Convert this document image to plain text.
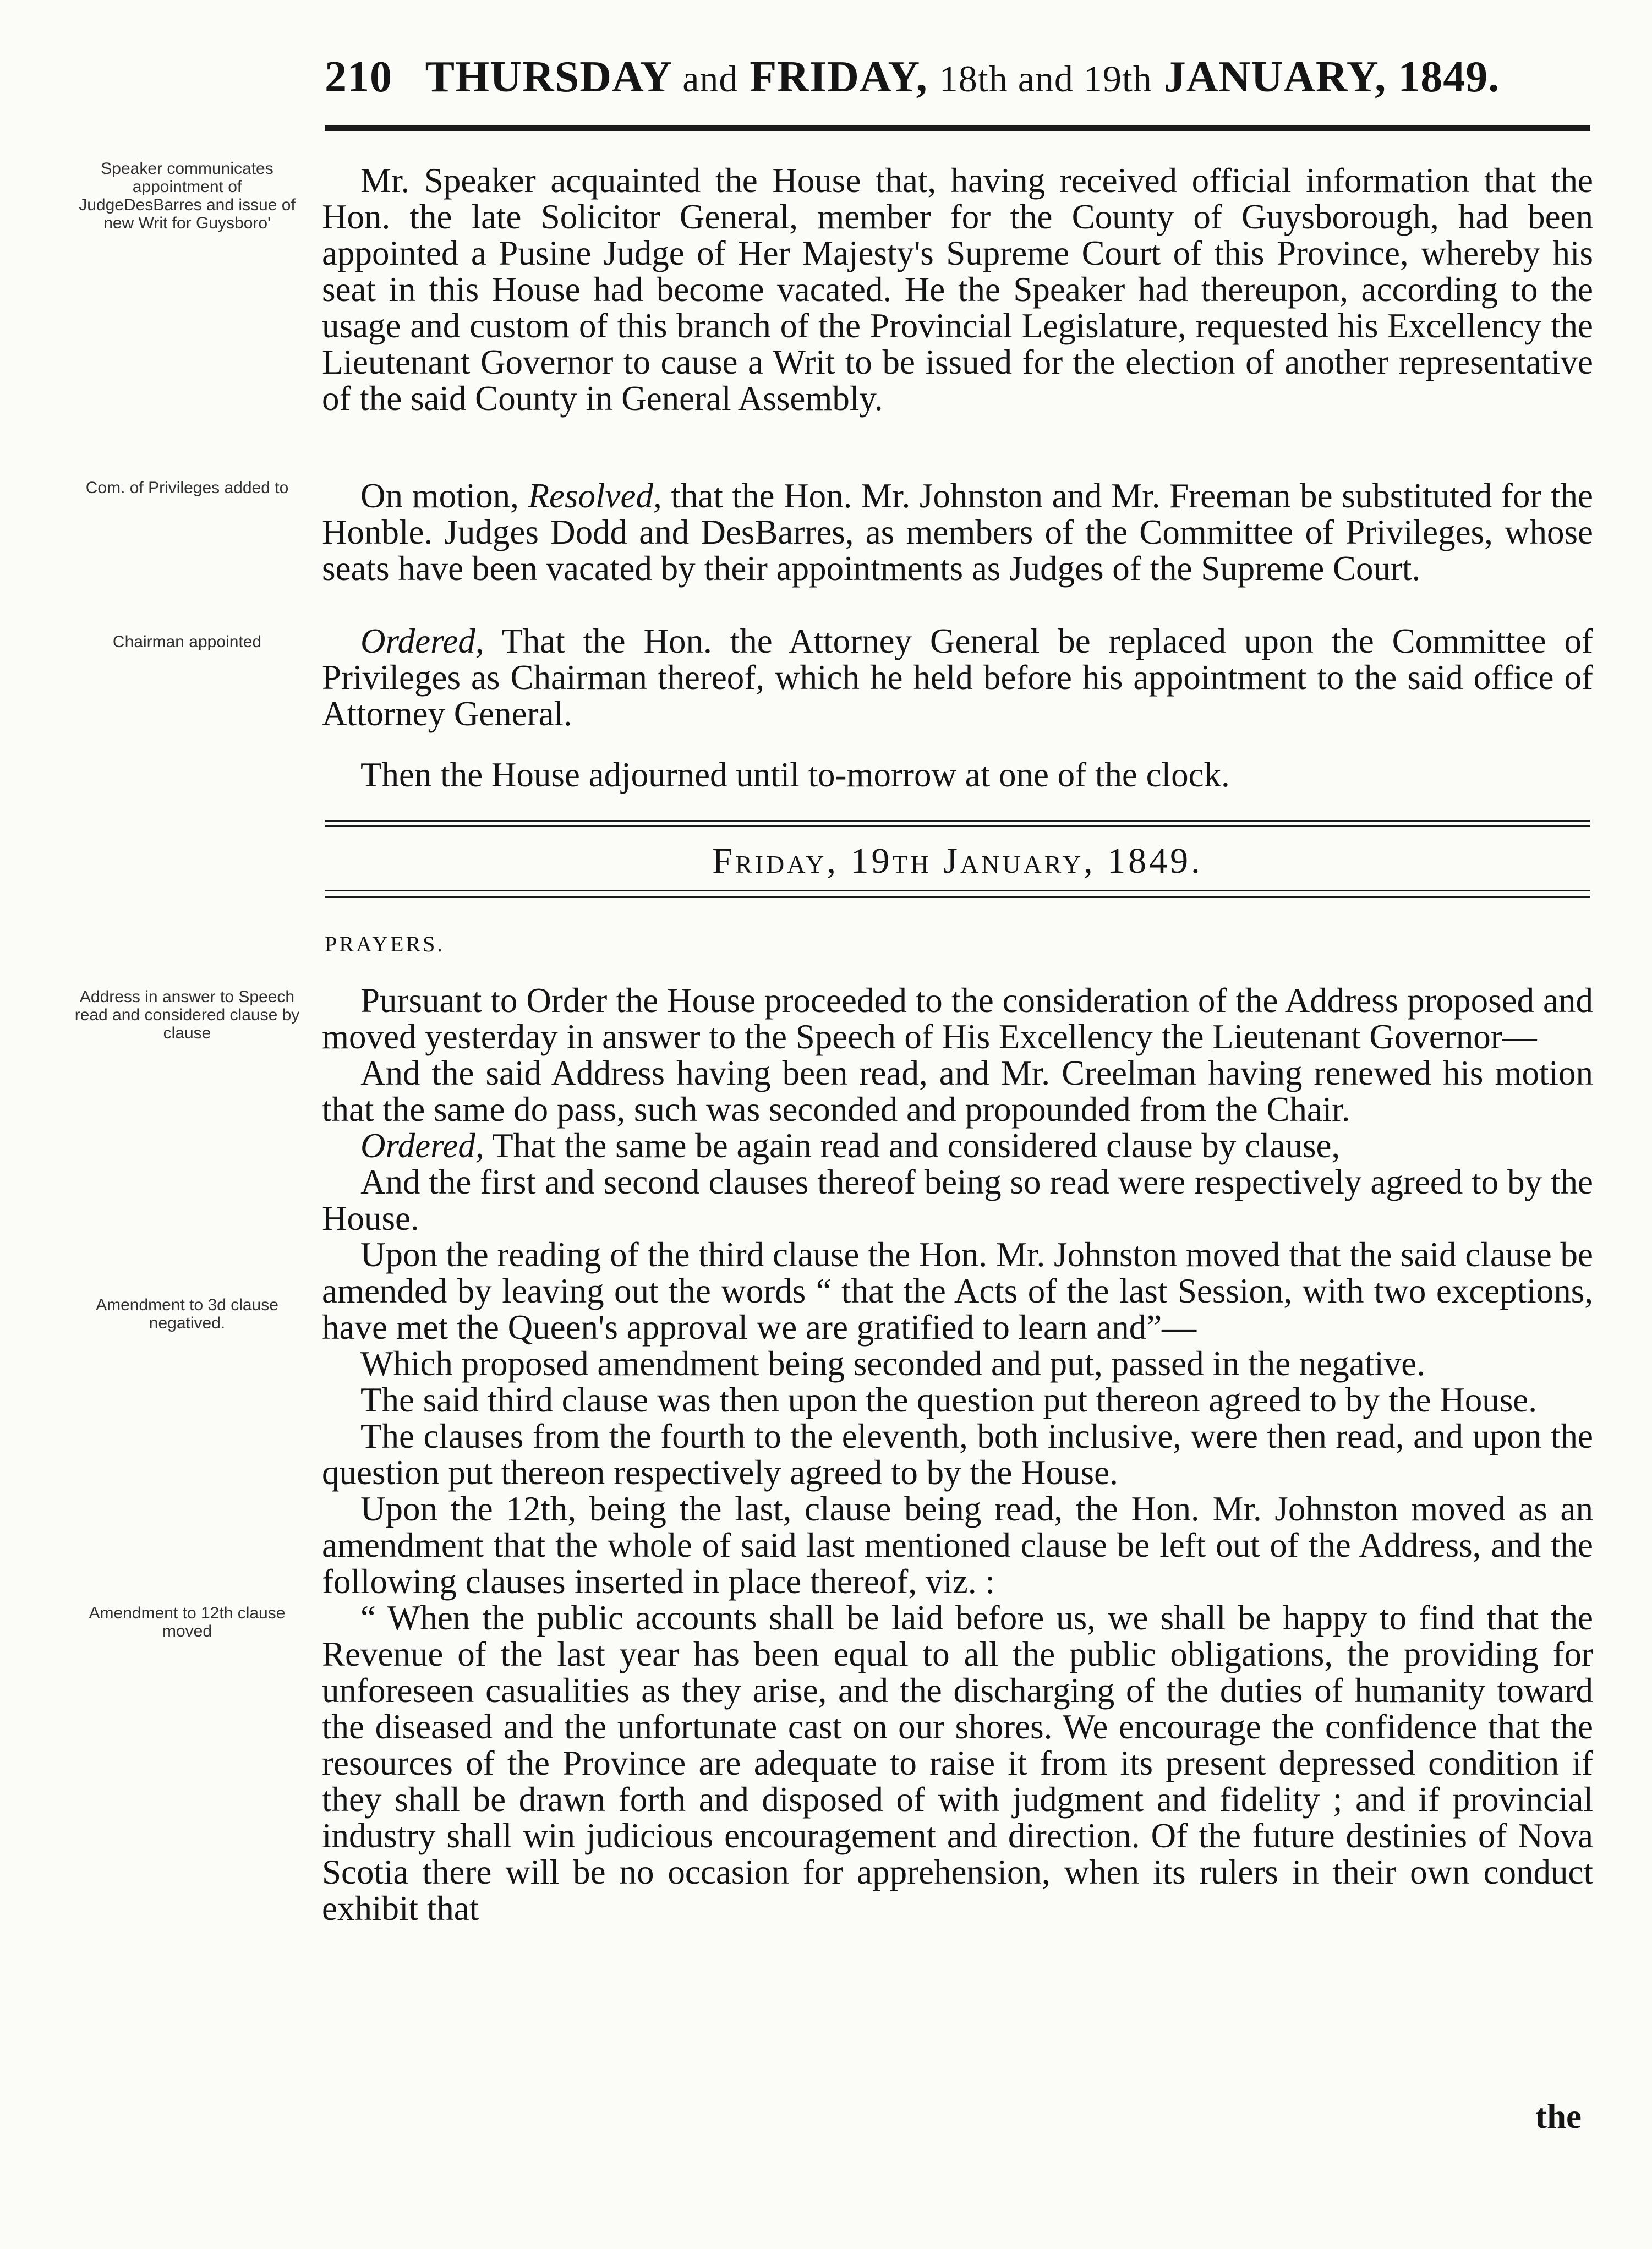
210 THURSDAY and FRIDAY, 18th and 19th JANUARY, 1849.
Speaker communicates appointment of JudgeDesBarres and issue of new Writ for Guysboro'
Com. of Privileges added to
Chairman appointed

Mr. Speaker acquainted the House that, having received official information that the Hon. the late Solicitor General, member for the County of Guysborough, had been appointed a Pusine Judge of Her Majesty's Supreme Court of this Province, whereby his seat in this House had become vacated. He the Speaker had thereupon, according to the usage and custom of this branch of the Provincial Legislature, requested his Excellency the Lieutenant Governor to cause a Writ to be issued for the election of another representative of the said County in General Assembly.

On motion, Resolved, that the Hon. Mr. Johnston and Mr. Freeman be substituted for the Honble. Judges Dodd and DesBarres, as members of the Committee of Privileges, whose seats have been vacated by their appointments as Judges of the Supreme Court.

Ordered, That the Hon. the Attorney General be replaced upon the Committee of Privileges as Chairman thereof, which he held before his appointment to the said office of Attorney General.

Then the House adjourned until to-morrow at one of the clock.

Friday, 19th January, 1849.
PRAYERS.
Address in answer to Speech read and considered clause by clause
Amendment to 3d clause negatived.
Amendment to 12th clause moved

Pursuant to Order the House proceeded to the consideration of the Address proposed and moved yesterday in answer to the Speech of His Excellency the Lieutenant Governor—

And the said Address having been read, and Mr. Creelman having renewed his motion that the same do pass, such was seconded and propounded from the Chair.

Ordered, That the same be again read and considered clause by clause,

And the first and second clauses thereof being so read were respectively agreed to by the House.

Upon the reading of the third clause the Hon. Mr. Johnston moved that the said clause be amended by leaving out the words “ that the Acts of the last Session, with two exceptions, have met the Queen's approval we are gratified to learn and”—

Which proposed amendment being seconded and put, passed in the negative.

The said third clause was then upon the question put thereon agreed to by the House.

The clauses from the fourth to the eleventh, both inclusive, were then read, and upon the question put thereon respectively agreed to by the House.

Upon the 12th, being the last, clause being read, the Hon. Mr. Johnston moved as an amendment that the whole of said last mentioned clause be left out of the Address, and the following clauses inserted in place thereof, viz. :

“ When the public accounts shall be laid before us, we shall be happy to find that the Revenue of the last year has been equal to all the public obligations, the providing for unforeseen casualities as they arise, and the discharging of the duties of humanity toward the diseased and the unfortunate cast on our shores. We encourage the confidence that the resources of the Province are adequate to raise it from its present depressed condition if they shall be drawn forth and disposed of with judgment and fidelity ; and if provincial industry shall win judicious encouragement and direction. Of the future destinies of Nova Scotia there will be no occasion for apprehension, when its rulers in their own conduct exhibit that

the
